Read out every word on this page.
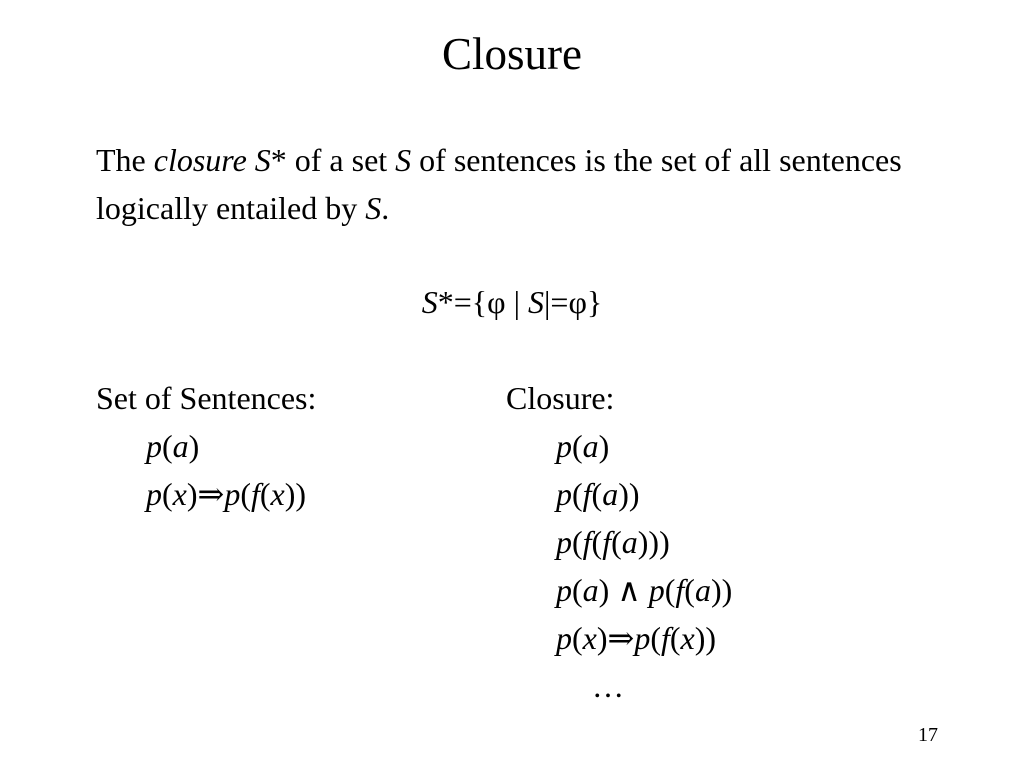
Closure
The closure S* of a set S of sentences is the set of all sentences logically entailed by S.
S*={φ | S|=φ}
Set of Sentences:
p(a)
p(x)⇒p(f(x))
Closure:
p(a)
p(f(a))
p(f(f(a)))
p(a) ∧ p(f(a))
p(x)⇒p(f(x))
…
17
